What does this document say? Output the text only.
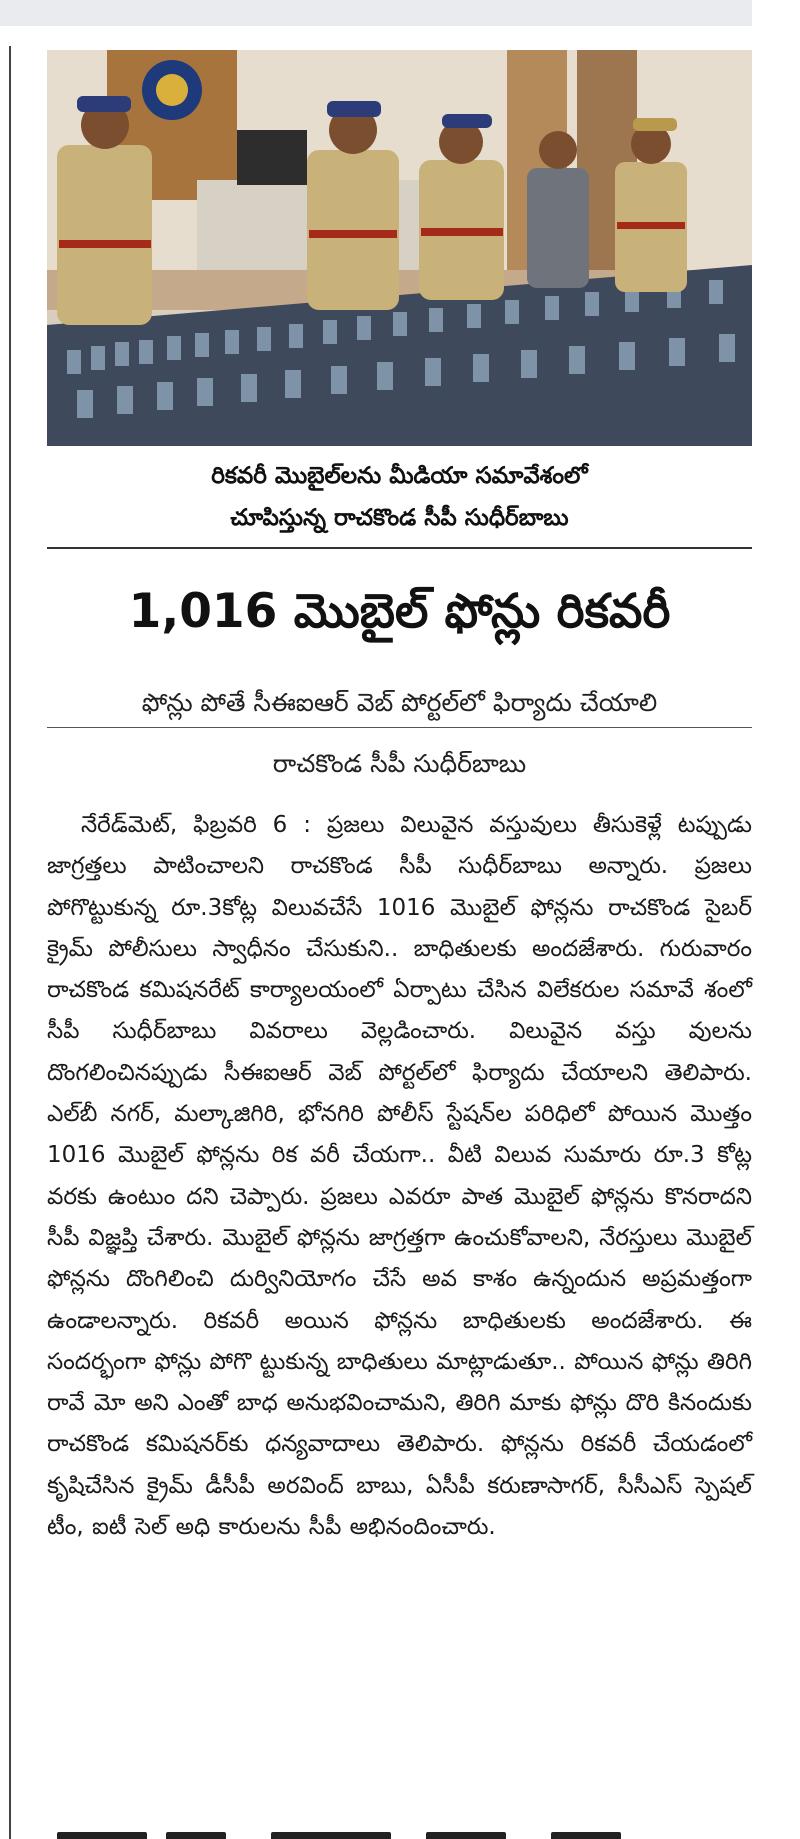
రికవరీ మొబైల్‌లను మీడియా సమావేశంలో
చూపిస్తున్న రాచకొండ సీపీ సుధీర్‌బాబు
1,016 మొబైల్ ఫోన్లు రికవరీ
ఫోన్లు పోతే సీఈఐఆర్ వెబ్ పోర్టల్‌లో ఫిర్యాదు చేయాలి
రాచకొండ సీపీ సుధీర్‌బాబు
నేరేడ్‌మెట్, ఫిబ్రవరి 6 : ప్రజలు విలువైన వస్తువులు తీసుకెళ్లే టప్పుడు జాగ్రత్తలు పాటించాలని రాచకొండ సీపీ సుధీర్‌బాబు అన్నారు. ప్రజలు పోగొట్టుకున్న రూ.3కోట్ల విలువచేసే 1016 మొబైల్ ఫోన్లను రాచకొండ సైబర్ క్రైమ్ పోలీసులు స్వాధీనం చేసుకుని.. బాధితులకు అందజేశారు. గురువారం రాచకొండ కమిషనరేట్ కార్యాలయంలో ఏర్పాటు చేసిన విలేకరుల సమావే శంలో సీపీ సుధీర్‌బాబు వివరాలు వెల్లడించారు. విలువైన వస్తు వులను దొంగలించినప్పుడు సీఈఐఆర్ వెబ్ పోర్టల్‌లో ఫిర్యాదు చేయాలని తెలిపారు. ఎల్‌బీ నగర్, మల్కాజిగిరి, భోనగిరి పోలీస్ స్టేషన్‌ల పరిధిలో పోయిన మొత్తం 1016 మొబైల్ ఫోన్లను రిక వరీ చేయగా.. వీటి విలువ సుమారు రూ.3 కోట్ల వరకు ఉంటుం దని చెప్పారు. ప్రజలు ఎవరూ పాత మొబైల్ ఫోన్లను కొనరాదని సీపీ విజ్ఞప్తి చేశారు. మొబైల్ ఫోన్లను జాగ్రత్తగా ఉంచుకోవాలని, నేరస్తులు మొబైల్ ఫోన్లను దొంగిలించి దుర్వినియోగం చేసే అవ కాశం ఉన్నందున అప్రమత్తంగా ఉండాలన్నారు. రికవరీ అయిన ఫోన్లను బాధితులకు అందజేశారు. ఈ సందర్భంగా ఫోన్లు పోగొ ట్టుకున్న బాధితులు మాట్లాడుతూ.. పోయిన ఫోన్లు తిరిగి రావే మో అని ఎంతో బాధ అనుభవించామని, తిరిగి మాకు ఫోన్లు దొరి కినందుకు రాచకొండ కమిషనర్‌కు ధన్యవాదాలు తెలిపారు. ఫోన్లను రికవరీ చేయడంలో కృషిచేసిన క్రైమ్ డీసీపీ అరవింద్ బాబు, ఏసీపీ కరుణాసాగర్, సీసీఎస్ స్పెషల్ టీం, ఐటీ సెల్ అధి కారులను సీపీ అభినందించారు.
